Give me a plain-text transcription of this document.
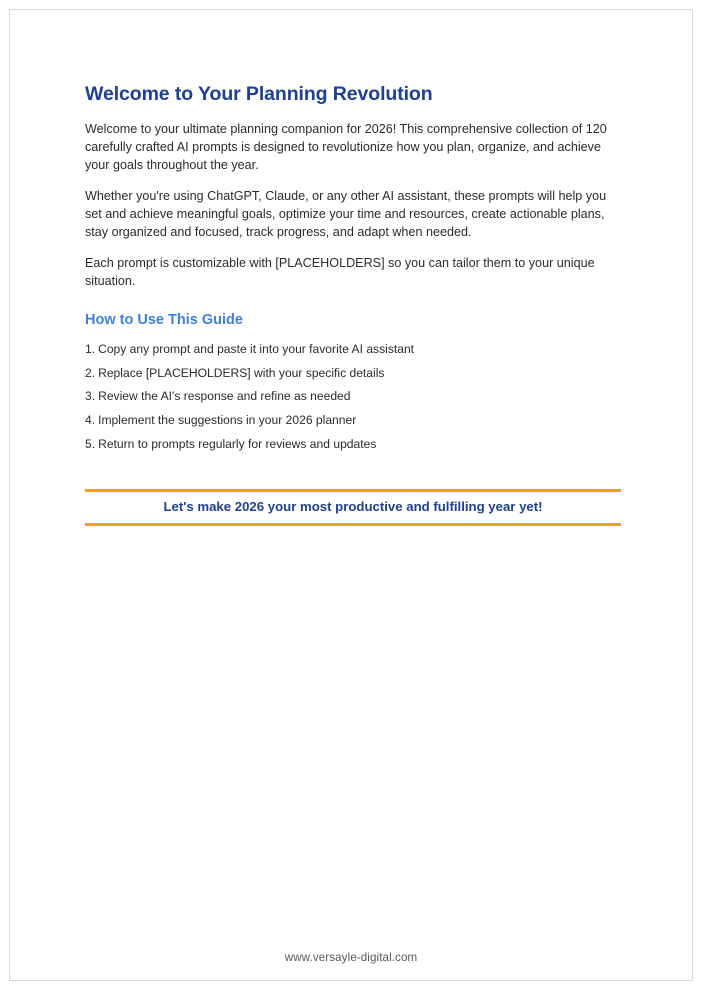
Welcome to Your Planning Revolution

Welcome to your ultimate planning companion for 2026! This comprehensive collection of 120 carefully crafted AI prompts is designed to revolutionize how you plan, organize, and achieve your goals throughout the year.

Whether you're using ChatGPT, Claude, or any other AI assistant, these prompts will help you set and achieve meaningful goals, optimize your time and resources, create actionable plans, stay organized and focused, track progress, and adapt when needed.

Each prompt is customizable with [PLACEHOLDERS] so you can tailor them to your unique situation.

How to Use This Guide
1. Copy any prompt and paste it into your favorite AI assistant
2. Replace [PLACEHOLDERS] with your specific details
3. Review the AI's response and refine as needed
4. Implement the suggestions in your 2026 planner
5. Return to prompts regularly for reviews and updates
Let's make 2026 your most productive and fulfilling year yet!
www.versayle-digital.com
